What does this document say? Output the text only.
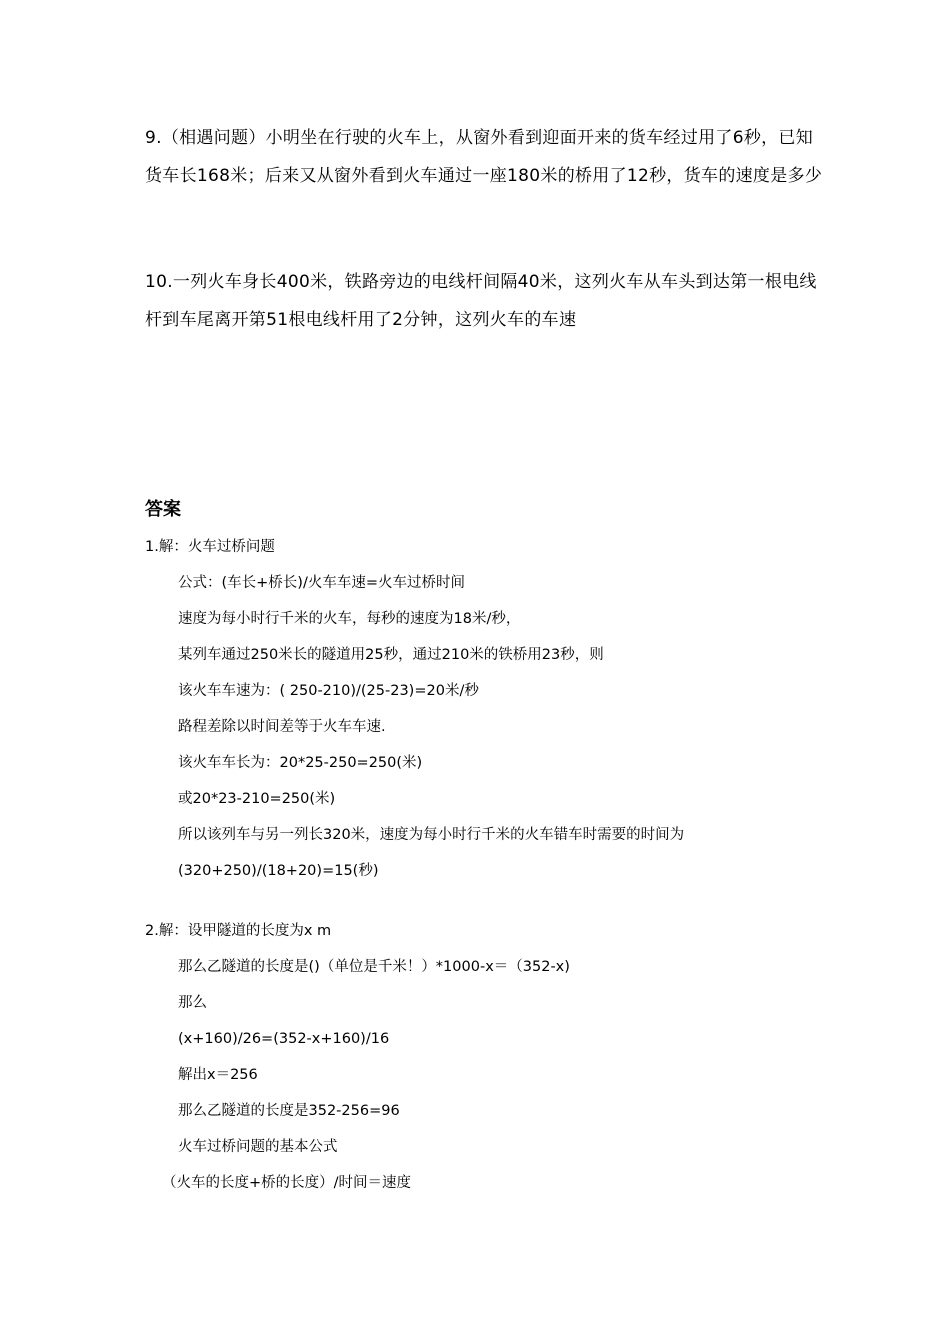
9.（相遇问题）小明坐在行驶的火车上，从窗外看到迎面开来的货车经过用了6秒，已知货车长168米；后来又从窗外看到火车通过一座180米的桥用了12秒，货车的速度是多少
10.一列火车身长400米，铁路旁边的电线杆间隔40米，这列火车从车头到达第一根电线杆到车尾离开第51根电线杆用了2分钟，这列火车的车速
答案
1.解：火车过桥问题
公式：(车长+桥长)/火车车速=火车过桥时间
速度为每小时行千米的火车，每秒的速度为18米/秒，
某列车通过250米长的隧道用25秒，通过210米的铁桥用23秒，则
该火车车速为：( 250-210)/(25-23)=20米/秒
路程差除以时间差等于火车车速.
该火车车长为：20*25-250=250(米)
或20*23-210=250(米)
所以该列车与另一列长320米，速度为每小时行千米的火车错车时需要的时间为
(320+250)/(18+20)=15(秒)
2.解：设甲隧道的长度为x m
那么乙隧道的长度是()（单位是千米！）*1000-x＝（352-x)
那么
(x+160)/26=(352-x+160)/16
解出x＝256
那么乙隧道的长度是352-256=96
火车过桥问题的基本公式
（火车的长度+桥的长度）/时间＝速度
